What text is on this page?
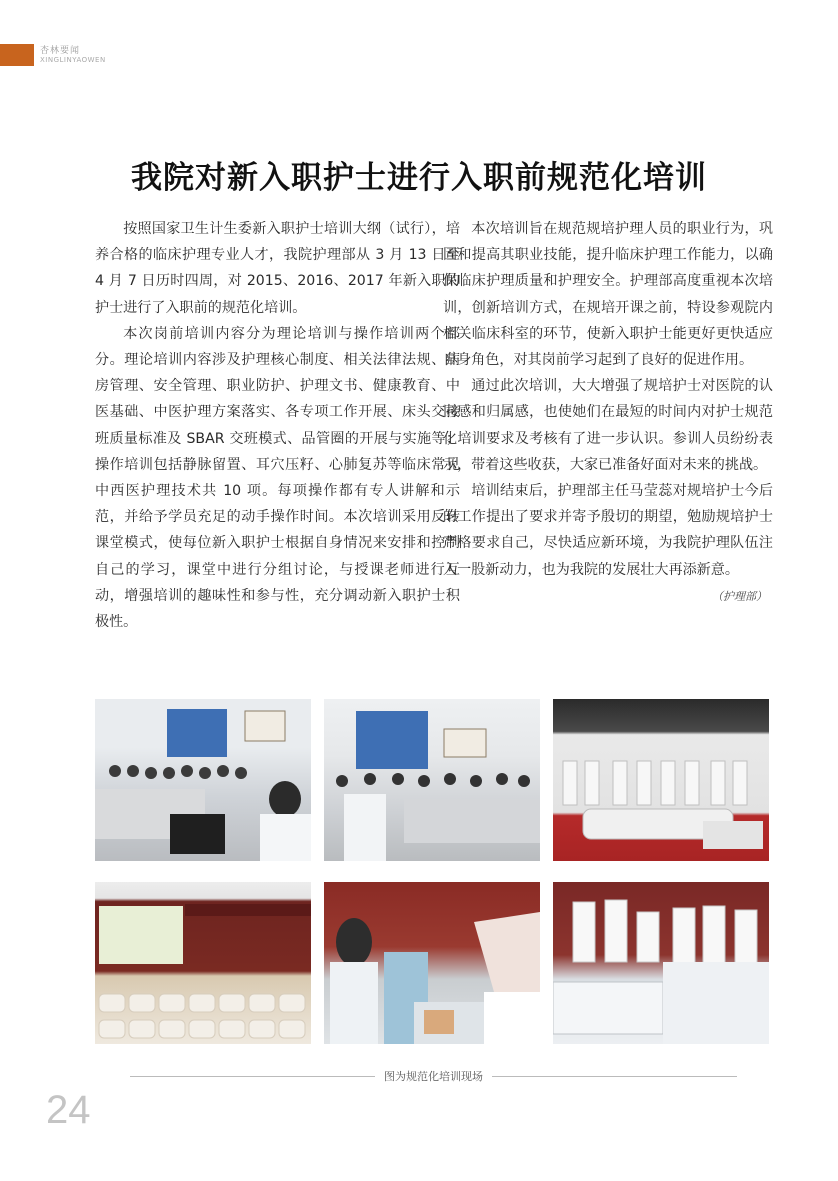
杏林要闻
XINGLINYAOWEN
我院对新入职护士进行入职前规范化培训

按照国家卫生计生委新入职护士培训大纲（试行），培养合格的临床护理专业人才，我院护理部从 3 月 13 日至 4 月 7 日历时四周，对 2015、2016、2017 年新入职的护士进行了入职前的规范化培训。

本次岗前培训内容分为理论培训与操作培训两个部分。理论培训内容涉及护理核心制度、相关法律法规、病房管理、安全管理、职业防护、护理文书、健康教育、中医基础、中医护理方案落实、各专项工作开展、床头交接班质量标准及 SBAR 交班模式、品管圈的开展与实施等；操作培训包括静脉留置、耳穴压籽、心肺复苏等临床常见中西医护理技术共 10 项。每项操作都有专人讲解和示范，并给予学员充足的动手操作时间。本次培训采用反转课堂模式，使每位新入职护士根据自身情况来安排和控制自己的学习，课堂中进行分组讨论，与授课老师进行互动，增强培训的趣味性和参与性，充分调动新入职护士积极性。

本次培训旨在规范规培护理人员的职业行为，巩固和提高其职业技能，提升临床护理工作能力，以确保临床护理质量和护理安全。护理部高度重视本次培训，创新培训方式，在规培开课之前，特设参观院内相关临床科室的环节，使新入职护士能更好更快适应自身角色，对其岗前学习起到了良好的促进作用。

通过此次培训，大大增强了规培护士对医院的认同感和归属感，也使她们在最短的时间内对护士规范化培训要求及考核有了进一步认识。参训人员纷纷表示，带着这些收获，大家已准备好面对未来的挑战。

培训结束后，护理部主任马莹蕊对规培护士今后的工作提出了要求并寄予殷切的期望，勉励规培护士严格要求自己，尽快适应新环境，为我院护理队伍注入一股新动力，也为我院的发展壮大再添新意。

（护理部）
图为规范化培训现场
24
